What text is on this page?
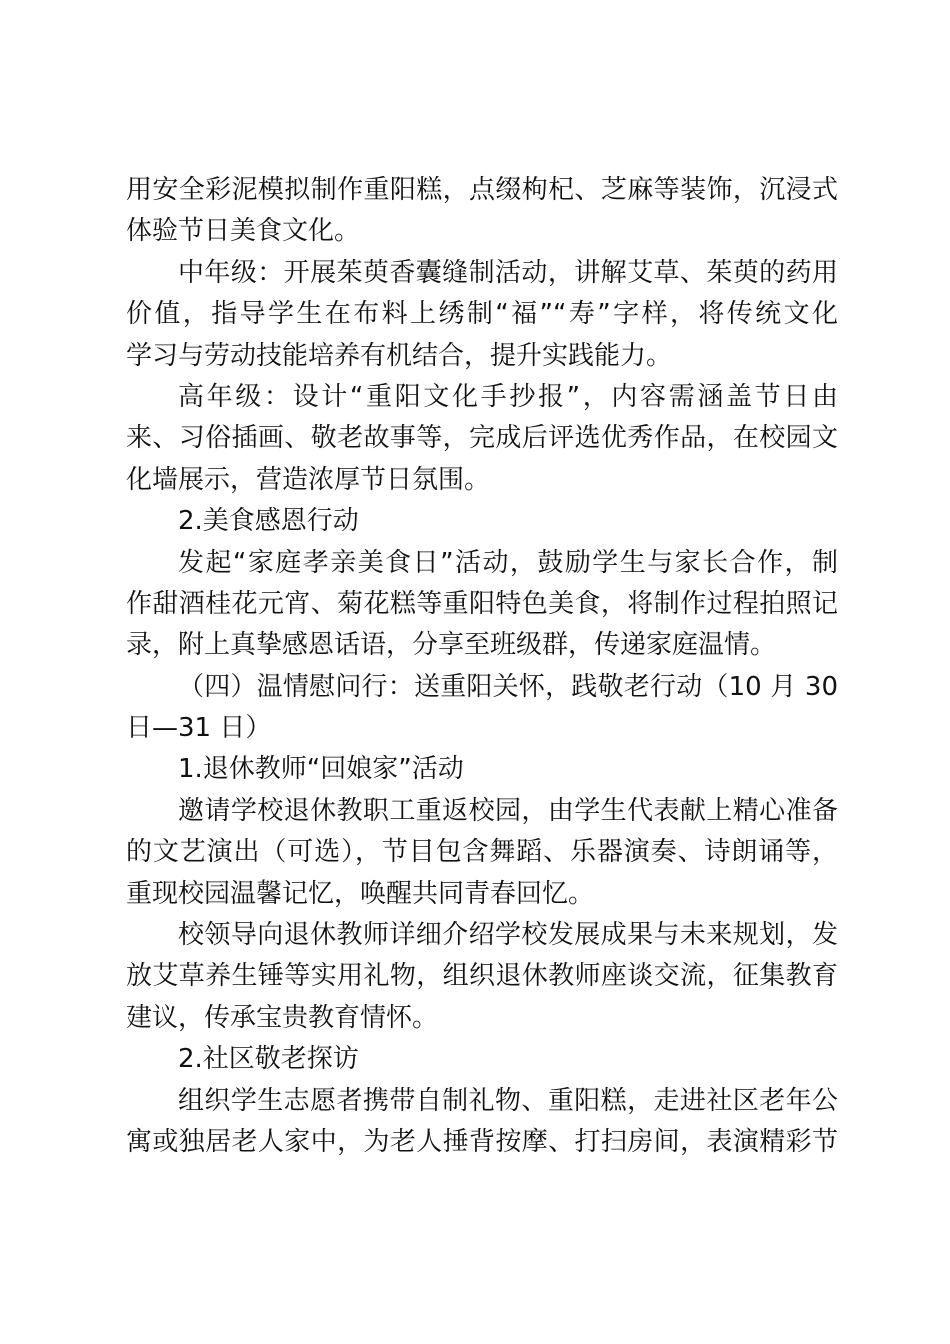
用安全彩泥模拟制作重阳糕，点缀枸杞、芝麻等装饰，沉浸式
体验节日美食文化。
中年级：开展茱萸香囊缝制活动，讲解艾草、茱萸的药用
价值，指导学生在布料上绣制“福”“寿”字样，将传统文化
学习与劳动技能培养有机结合，提升实践能力。
高年级：设计“重阳文化手抄报”，内容需涵盖节日由
来、习俗插画、敬老故事等，完成后评选优秀作品，在校园文
化墙展示，营造浓厚节日氛围。
2.美食感恩行动
发起“家庭孝亲美食日”活动，鼓励学生与家长合作，制
作甜酒桂花元宵、菊花糕等重阳特色美食，将制作过程拍照记
录，附上真挚感恩话语，分享至班级群，传递家庭温情。
（四）温情慰问行：送重阳关怀，践敬老行动（10 月 30
日—31 日）
1.退休教师“回娘家”活动
邀请学校退休教职工重返校园，由学生代表献上精心准备
的文艺演出（可选），节目包含舞蹈、乐器演奏、诗朗诵等，
重现校园温馨记忆，唤醒共同青春回忆。
校领导向退休教师详细介绍学校发展成果与未来规划，发
放艾草养生锤等实用礼物，组织退休教师座谈交流，征集教育
建议，传承宝贵教育情怀。
2.社区敬老探访
组织学生志愿者携带自制礼物、重阳糕，走进社区老年公
寓或独居老人家中，为老人捶背按摩、打扫房间，表演精彩节
